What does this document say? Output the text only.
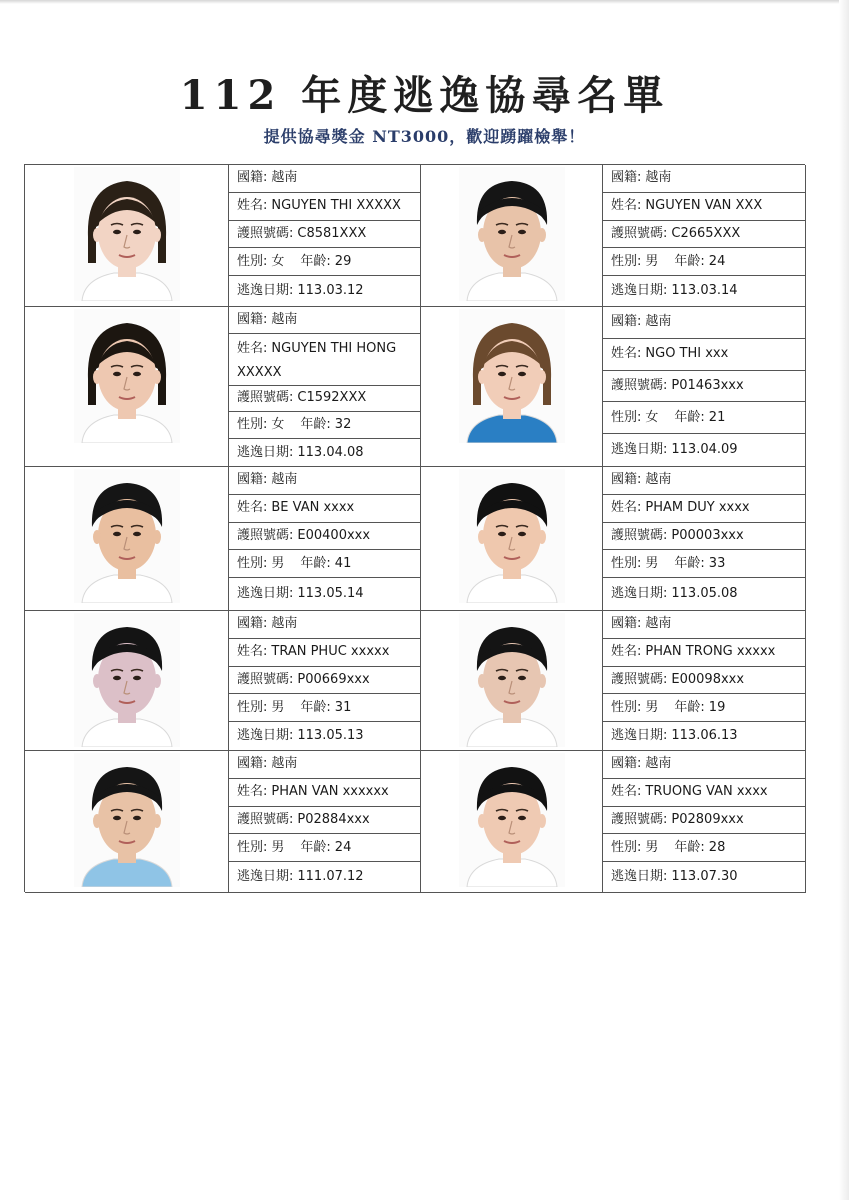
112 年度逃逸協尋名單
提供協尋獎金 NT3000，歡迎踴躍檢舉！
國籍: 越南
姓名: NGUYEN THI XXXXX
護照號碼: C8581XXX
性別: 女 年齡: 29
逃逸日期: 113.03.12
國籍: 越南
姓名: NGUYEN VAN XXX
護照號碼: C2665XXX
性別: 男 年齡: 24
逃逸日期: 113.03.14
國籍: 越南
姓名: NGUYEN THI HONG XXXXX
護照號碼: C1592XXX
性別: 女 年齡: 32
逃逸日期: 113.04.08
國籍: 越南
姓名: NGO THI xxx
護照號碼: P01463xxx
性別: 女 年齡: 21
逃逸日期: 113.04.09
國籍: 越南
姓名: BE VAN xxxx
護照號碼: E00400xxx
性別: 男 年齡: 41
逃逸日期: 113.05.14
國籍: 越南
姓名: PHAM DUY xxxx
護照號碼: P00003xxx
性別: 男 年齡: 33
逃逸日期: 113.05.08
國籍: 越南
姓名: TRAN PHUC xxxxx
護照號碼: P00669xxx
性別: 男 年齡: 31
逃逸日期: 113.05.13
國籍: 越南
姓名: PHAN TRONG xxxxx
護照號碼: E00098xxx
性別: 男 年齡: 19
逃逸日期: 113.06.13
國籍: 越南
姓名: PHAN VAN xxxxxx
護照號碼: P02884xxx
性別: 男 年齡: 24
逃逸日期: 111.07.12
國籍: 越南
姓名: TRUONG VAN xxxx
護照號碼: P02809xxx
性別: 男 年齡: 28
逃逸日期: 113.07.30
